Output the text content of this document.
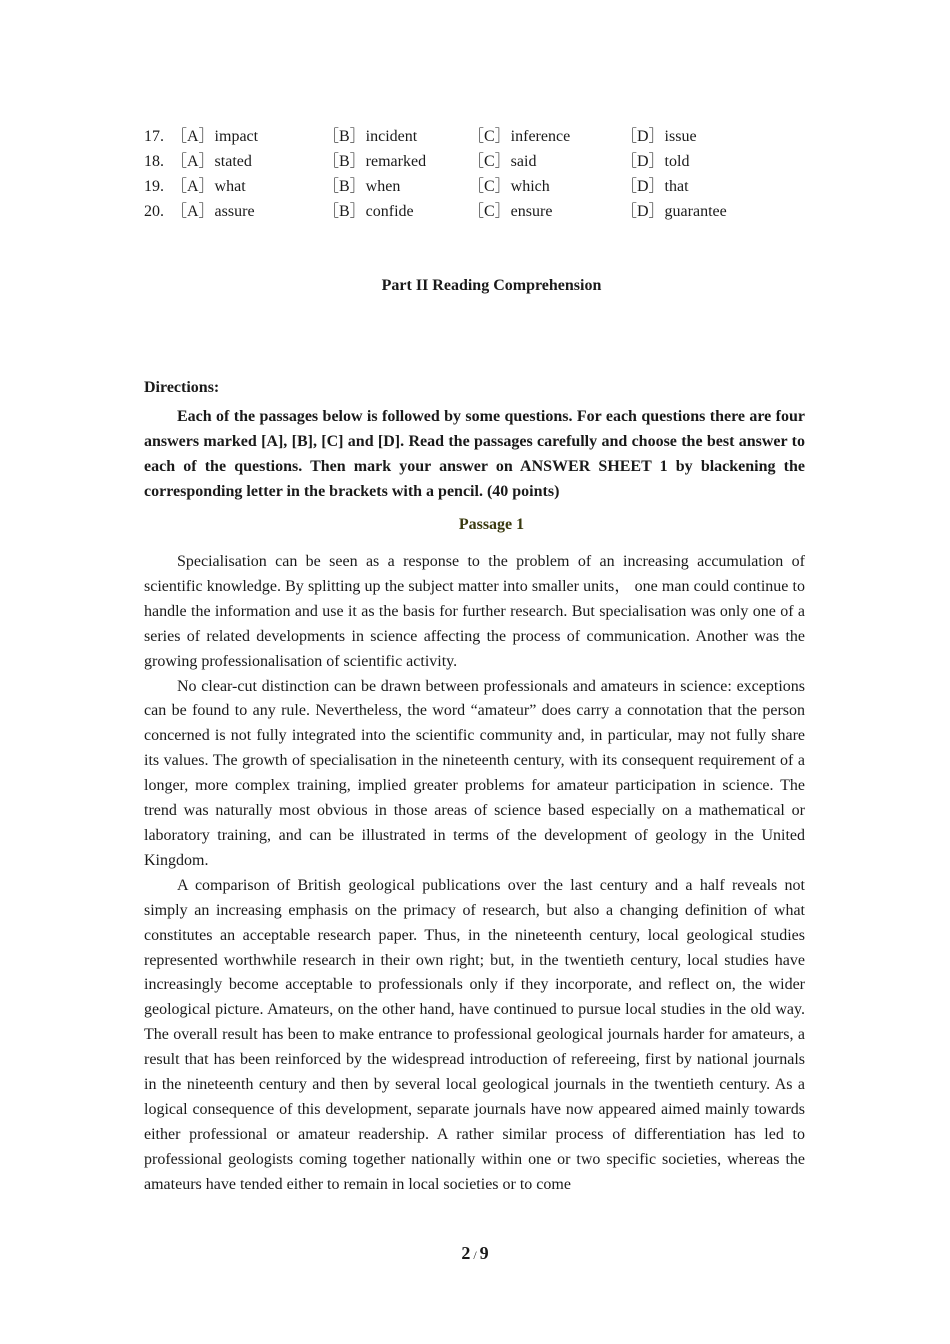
17. ［A］impact	［B］incident	［C］inference	［D］issue
18. ［A］stated	［B］remarked	［C］said	［D］told
19. ［A］what	［B］when	［C］which	［D］that
20. ［A］assure	［B］confide	［C］ensure	［D］guarantee
Part II Reading Comprehension
Directions:
Each of the passages below is followed by some questions. For each questions there are four answers marked [A], [B], [C] and [D]. Read the passages carefully and choose the best answer to each of the questions. Then mark your answer on ANSWER SHEET 1 by blackening the corresponding letter in the brackets with a pencil. (40 points)
Passage 1

Specialisation can be seen as a response to the problem of an increasing accumulation of scientific knowledge. By splitting up the subject matter into smaller units， one man could continue to handle the information and use it as the basis for further research. But specialisation was only one of a series of related developments in science affecting the process of communication. Another was the growing professionalisation of scientific activity.

No clear-cut distinction can be drawn between professionals and amateurs in science: exceptions can be found to any rule. Nevertheless, the word “amateur” does carry a connotation that the person concerned is not fully integrated into the scientific community and, in particular, may not fully share its values. The growth of specialisation in the nineteenth century, with its consequent requirement of a longer, more complex training, implied greater problems for amateur participation in science. The trend was naturally most obvious in those areas of science based especially on a mathematical or laboratory training, and can be illustrated in terms of the development of geology in the United Kingdom.

A comparison of British geological publications over the last century and a half reveals not simply an increasing emphasis on the primacy of research, but also a changing definition of what constitutes an acceptable research paper. Thus, in the nineteenth century, local geological studies represented worthwhile research in their own right; but, in the twentieth century, local studies have increasingly become acceptable to professionals only if they incorporate, and reflect on, the wider geological picture. Amateurs, on the other hand, have continued to pursue local studies in the old way. The overall result has been to make entrance to professional geological journals harder for amateurs, a result that has been reinforced by the widespread introduction of refereeing, first by national journals in the nineteenth century and then by several local geological journals in the twentieth century. As a logical consequence of this development, separate journals have now appeared aimed mainly towards either professional or amateur readership. A rather similar process of differentiation has led to professional geologists coming together nationally within one or two specific societies, whereas the amateurs have tended either to remain in local societies or to come

2 / 9
